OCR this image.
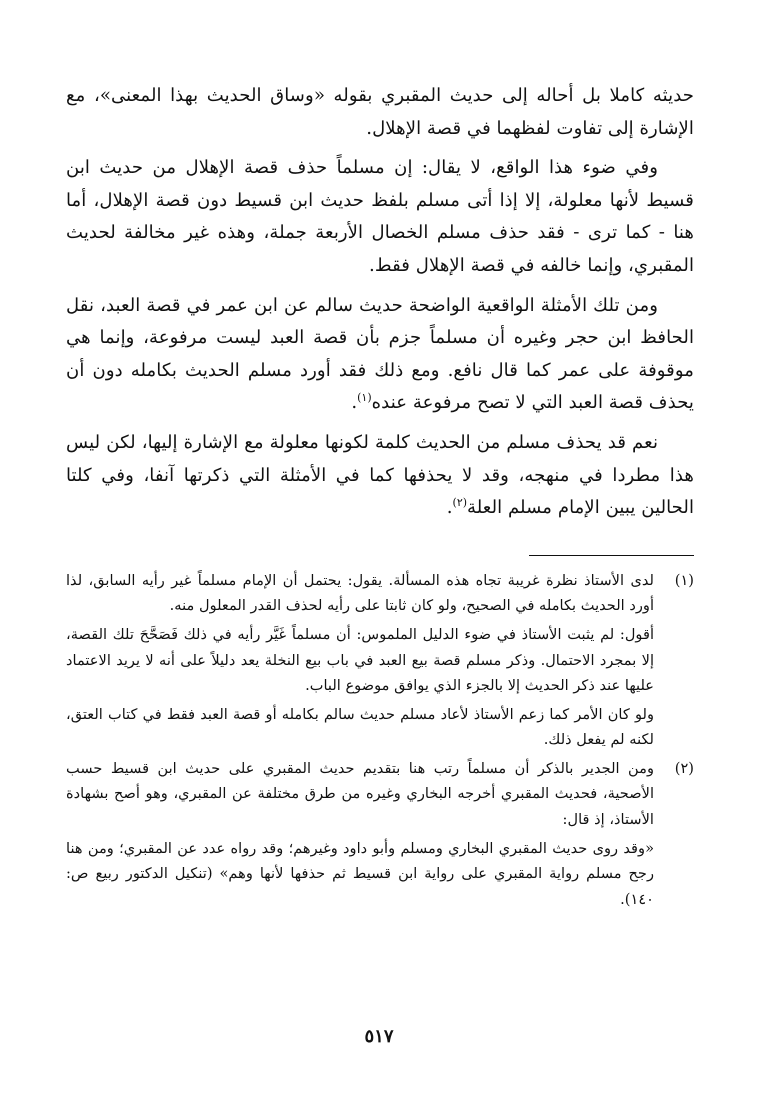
حديثه كاملا بل أحاله إلى حديث المقبري بقوله «وساق الحديث بهذا المعنى»، مع الإشارة إلى تفاوت لفظهما في قصة الإهلال.

وفي ضوء هذا الواقع، لا يقال: إن مسلماً حذف قصة الإهلال من حديث ابن قسيط لأنها معلولة، إلا إذا أتى مسلم بلفظ حديث ابن قسيط دون قصة الإهلال، أما هنا - كما ترى - فقد حذف مسلم الخصال الأربعة جملة، وهذه غير مخالفة لحديث المقبري، وإنما خالفه في قصة الإهلال فقط.

ومن تلك الأمثلة الواقعية الواضحة حديث سالم عن ابن عمر في قصة العبد، نقل الحافظ ابن حجر وغيره أن مسلماً جزم بأن قصة العبد ليست مرفوعة، وإنما هي موقوفة على عمر كما قال نافع. ومع ذلك فقد أورد مسلم الحديث بكامله دون أن يحذف قصة العبد التي لا تصح مرفوعة عنده$^{(١)}$.

نعم قد يحذف مسلم من الحديث كلمة لكونها معلولة مع الإشارة إليها، لكن ليس هذا مطردا في منهجه، وقد لا يحذفها كما في الأمثلة التي ذكرتها آنفا، وفي كلتا الحالين يبين الإمام مسلم العلة$^{(٢)}$.

(١)

لدى الأستاذ نظرة غريبة تجاه هذه المسألة. يقول: يحتمل أن الإمام مسلماً غير رأيه السابق، لذا أورد الحديث بكامله في الصحيح، ولو كان ثابتا على رأيه لحذف القدر المعلول منه.

أقول: لم يثبت الأستاذ في ضوء الدليل الملموس: أن مسلماً غَيَّر رأيه في ذلك فَصَحَّحَ تلك القصة، إلا بمجرد الاحتمال. وذكر مسلم قصة بيع العبد في باب بيع النخلة يعد دليلاً على أنه لا يريد الاعتماد عليها عند ذكر الحديث إلا بالجزء الذي يوافق موضوع الباب.

ولو كان الأمر كما زعم الأستاذ لأعاد مسلم حديث سالم بكامله أو قصة العبد فقط في كتاب العتق، لكنه لم يفعل ذلك.

(٢)

ومن الجدير بالذكر أن مسلماً رتب هنا بتقديم حديث المقبري على حديث ابن قسيط حسب الأصحية، فحديث المقبري أخرجه البخاري وغيره من طرق مختلفة عن المقبري، وهو أصح بشهادة الأستاذ، إذ قال:

«وقد روى حديث المقبري البخاري ومسلم وأبو داود وغيرهم؛ وقد رواه عدد عن المقبري؛ ومن هنا رجح مسلم رواية المقبري على رواية ابن قسيط ثم حذفها لأنها وهم» (تنكيل الدكتور ربيع ص: ١٤٠).

٥١٧
